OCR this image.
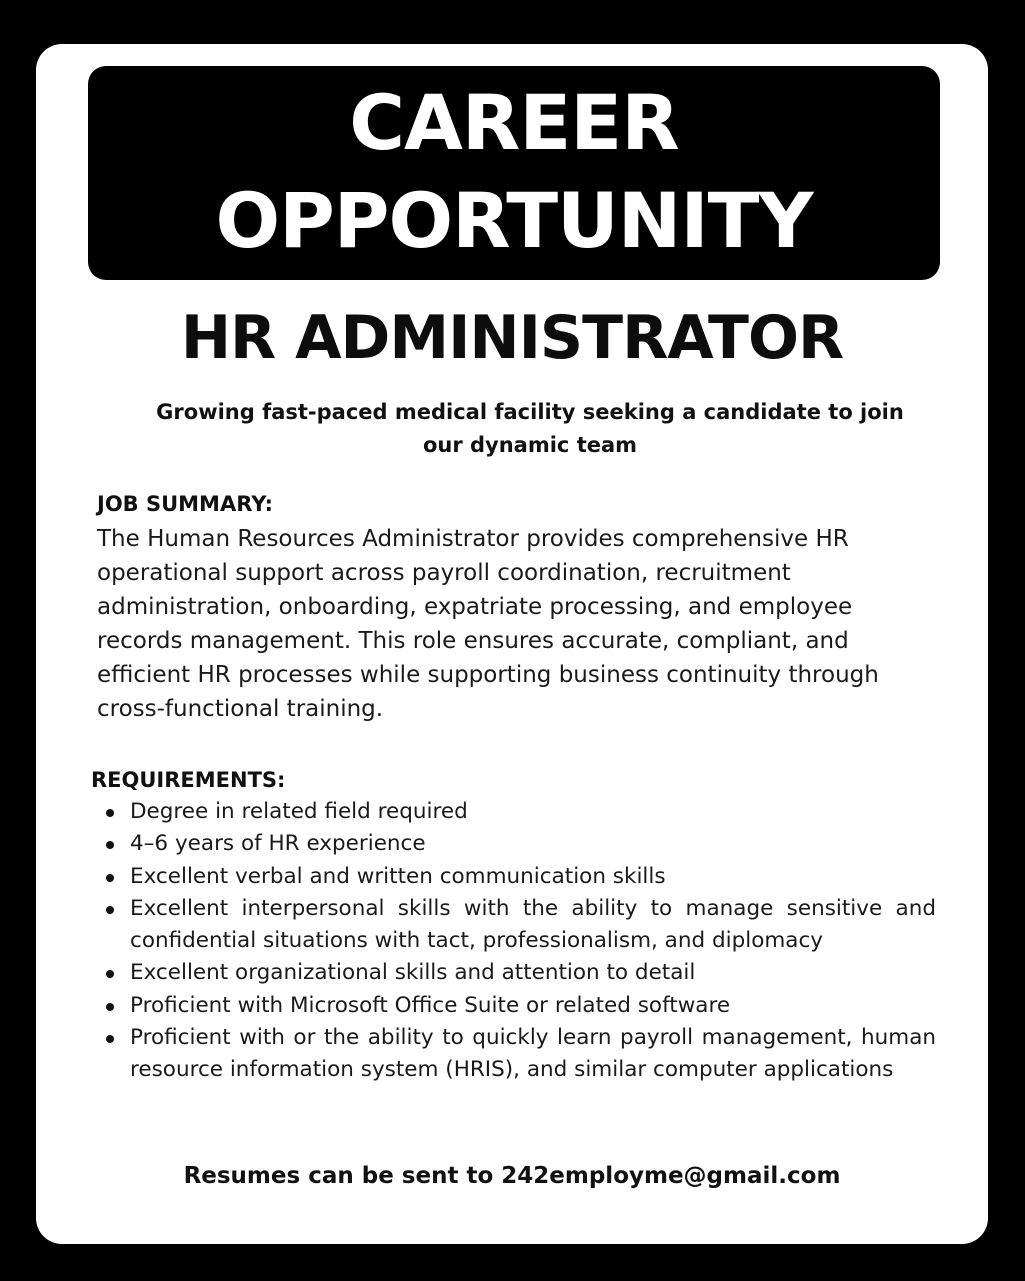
CAREER
OPPORTUNITY
HR ADMINISTRATOR
Growing fast-paced medical facility seeking a candidate to join our dynamic team
JOB SUMMARY:
The Human Resources Administrator provides comprehensive HR operational support across payroll coordination, recruitment administration, onboarding, expatriate processing, and employee records management. This role ensures accurate, compliant, and efficient HR processes while supporting business continuity through cross-functional training.
REQUIREMENTS:
Degree in related field required
4–6 years of HR experience
Excellent verbal and written communication skills
Excellent interpersonal skills with the ability to manage sensitive and confidential situations with tact, professionalism, and diplomacy
Excellent organizational skills and attention to detail
Proficient with Microsoft Office Suite or related software
Proficient with or the ability to quickly learn payroll management, human resource information system (HRIS), and similar computer applications
Resumes can be sent to 242employme@gmail.com
